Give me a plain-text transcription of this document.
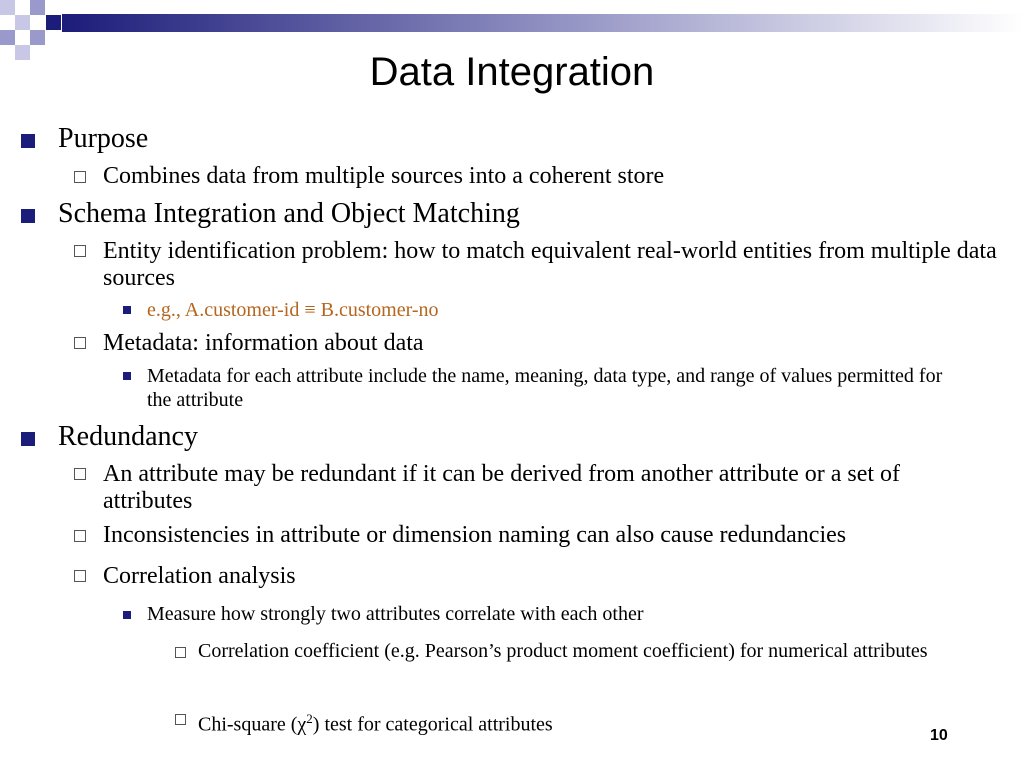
Data Integration
Purpose
Combines data from multiple sources into a coherent store
Schema Integration and Object Matching
Entity identification problem: how to match equivalent real-world entities from multiple data sources
e.g., A.customer-id ≡ B.customer-no
Metadata: information about data
Metadata for each attribute include the name, meaning, data type, and range of values permitted for the attribute
Redundancy
An attribute may be redundant if it can be derived from another attribute or a set of attributes
Inconsistencies in attribute or dimension naming can also cause redundancies
Correlation analysis
Measure how strongly two attributes correlate with each other
Correlation coefficient (e.g. Pearson’s product moment coefficient) for numerical attributes
Chi-square $(\chi^2)$ test for categorical attributes	10
